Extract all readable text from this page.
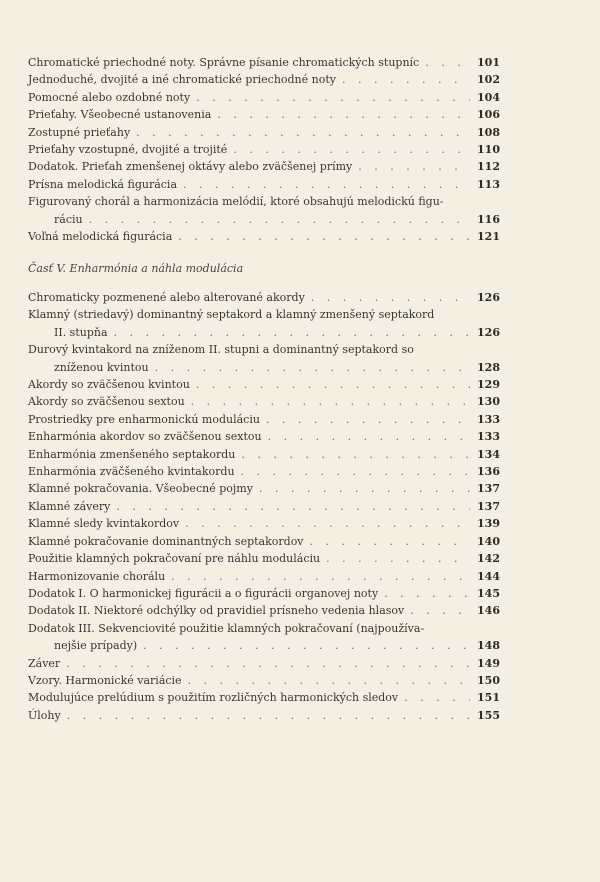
Chromatické priechodné noty. Správne písanie chromatických stupníc . . .	101
Jednoduché, dvojité a iné chromatické priechodné noty . . .	102
Pomocné alebo ozdobné noty . . .	104
Prieťahy. Všeobecné ustanovenia . . .	106
Zostupné prieťahy . . .	108
Prieťahy vzostupné, dvojité a trojité . . .	110
Dodatok. Prieťah zmenšenej oktávy alebo zväčšenej prímy . . .	112
Prísna melodická figurácia . . .	113
Figurovaný chorál a harmonizácia melódií, ktoré obsahujú melodickú figu-
ráciu . . .	116
Voľná melodická figurácia . . .	121
Časť V. Enharmónia a náhla modulácia
Chromaticky pozmenené alebo alterované akordy . . .	126
Klamný (striedavý) dominantný septakord a klamný zmenšený septakord
II. stupňa . . .	126
Durový kvintakord na zníženom II. stupni a dominantný septakord so
zníženou kvintou . . .	128
Akordy so zväčšenou kvintou . . .	129
Akordy so zväčšenou sextou . . .	130
Prostriedky pre enharmonickú moduláciu . . .	133
Enharmónia akordov so zväčšenou sextou . . .	133
Enharmónia zmenšeného septakordu . . .	134
Enharmónia zväčšeného kvintakordu . . .	136
Klamné pokračovania. Všeobecné pojmy . . .	137
Klamné závery . . .	137
Klamné sledy kvintakordov . . .	139
Klamné pokračovanie dominantných septakordov . . .	140
Použitie klamných pokračovaní pre náhlu moduláciu . . .	142
Harmonizovanie chorálu . . .	144
Dodatok I. O harmonickej figurácii a o figurácii organovej noty . . .	145
Dodatok II. Niektoré odchýlky od pravidiel prísneho vedenia hlasov . . .	146
Dodatok III. Sekvenciovité použitie klamných pokračovaní (najpoužíva-
nejšie prípady) . . .	148
Záver . . .	149
Vzory. Harmonické variácie . . .	150
Modulujúce prelúdium s použitím rozličných harmonických sledov . . .	151
Úlohy . . .	155
